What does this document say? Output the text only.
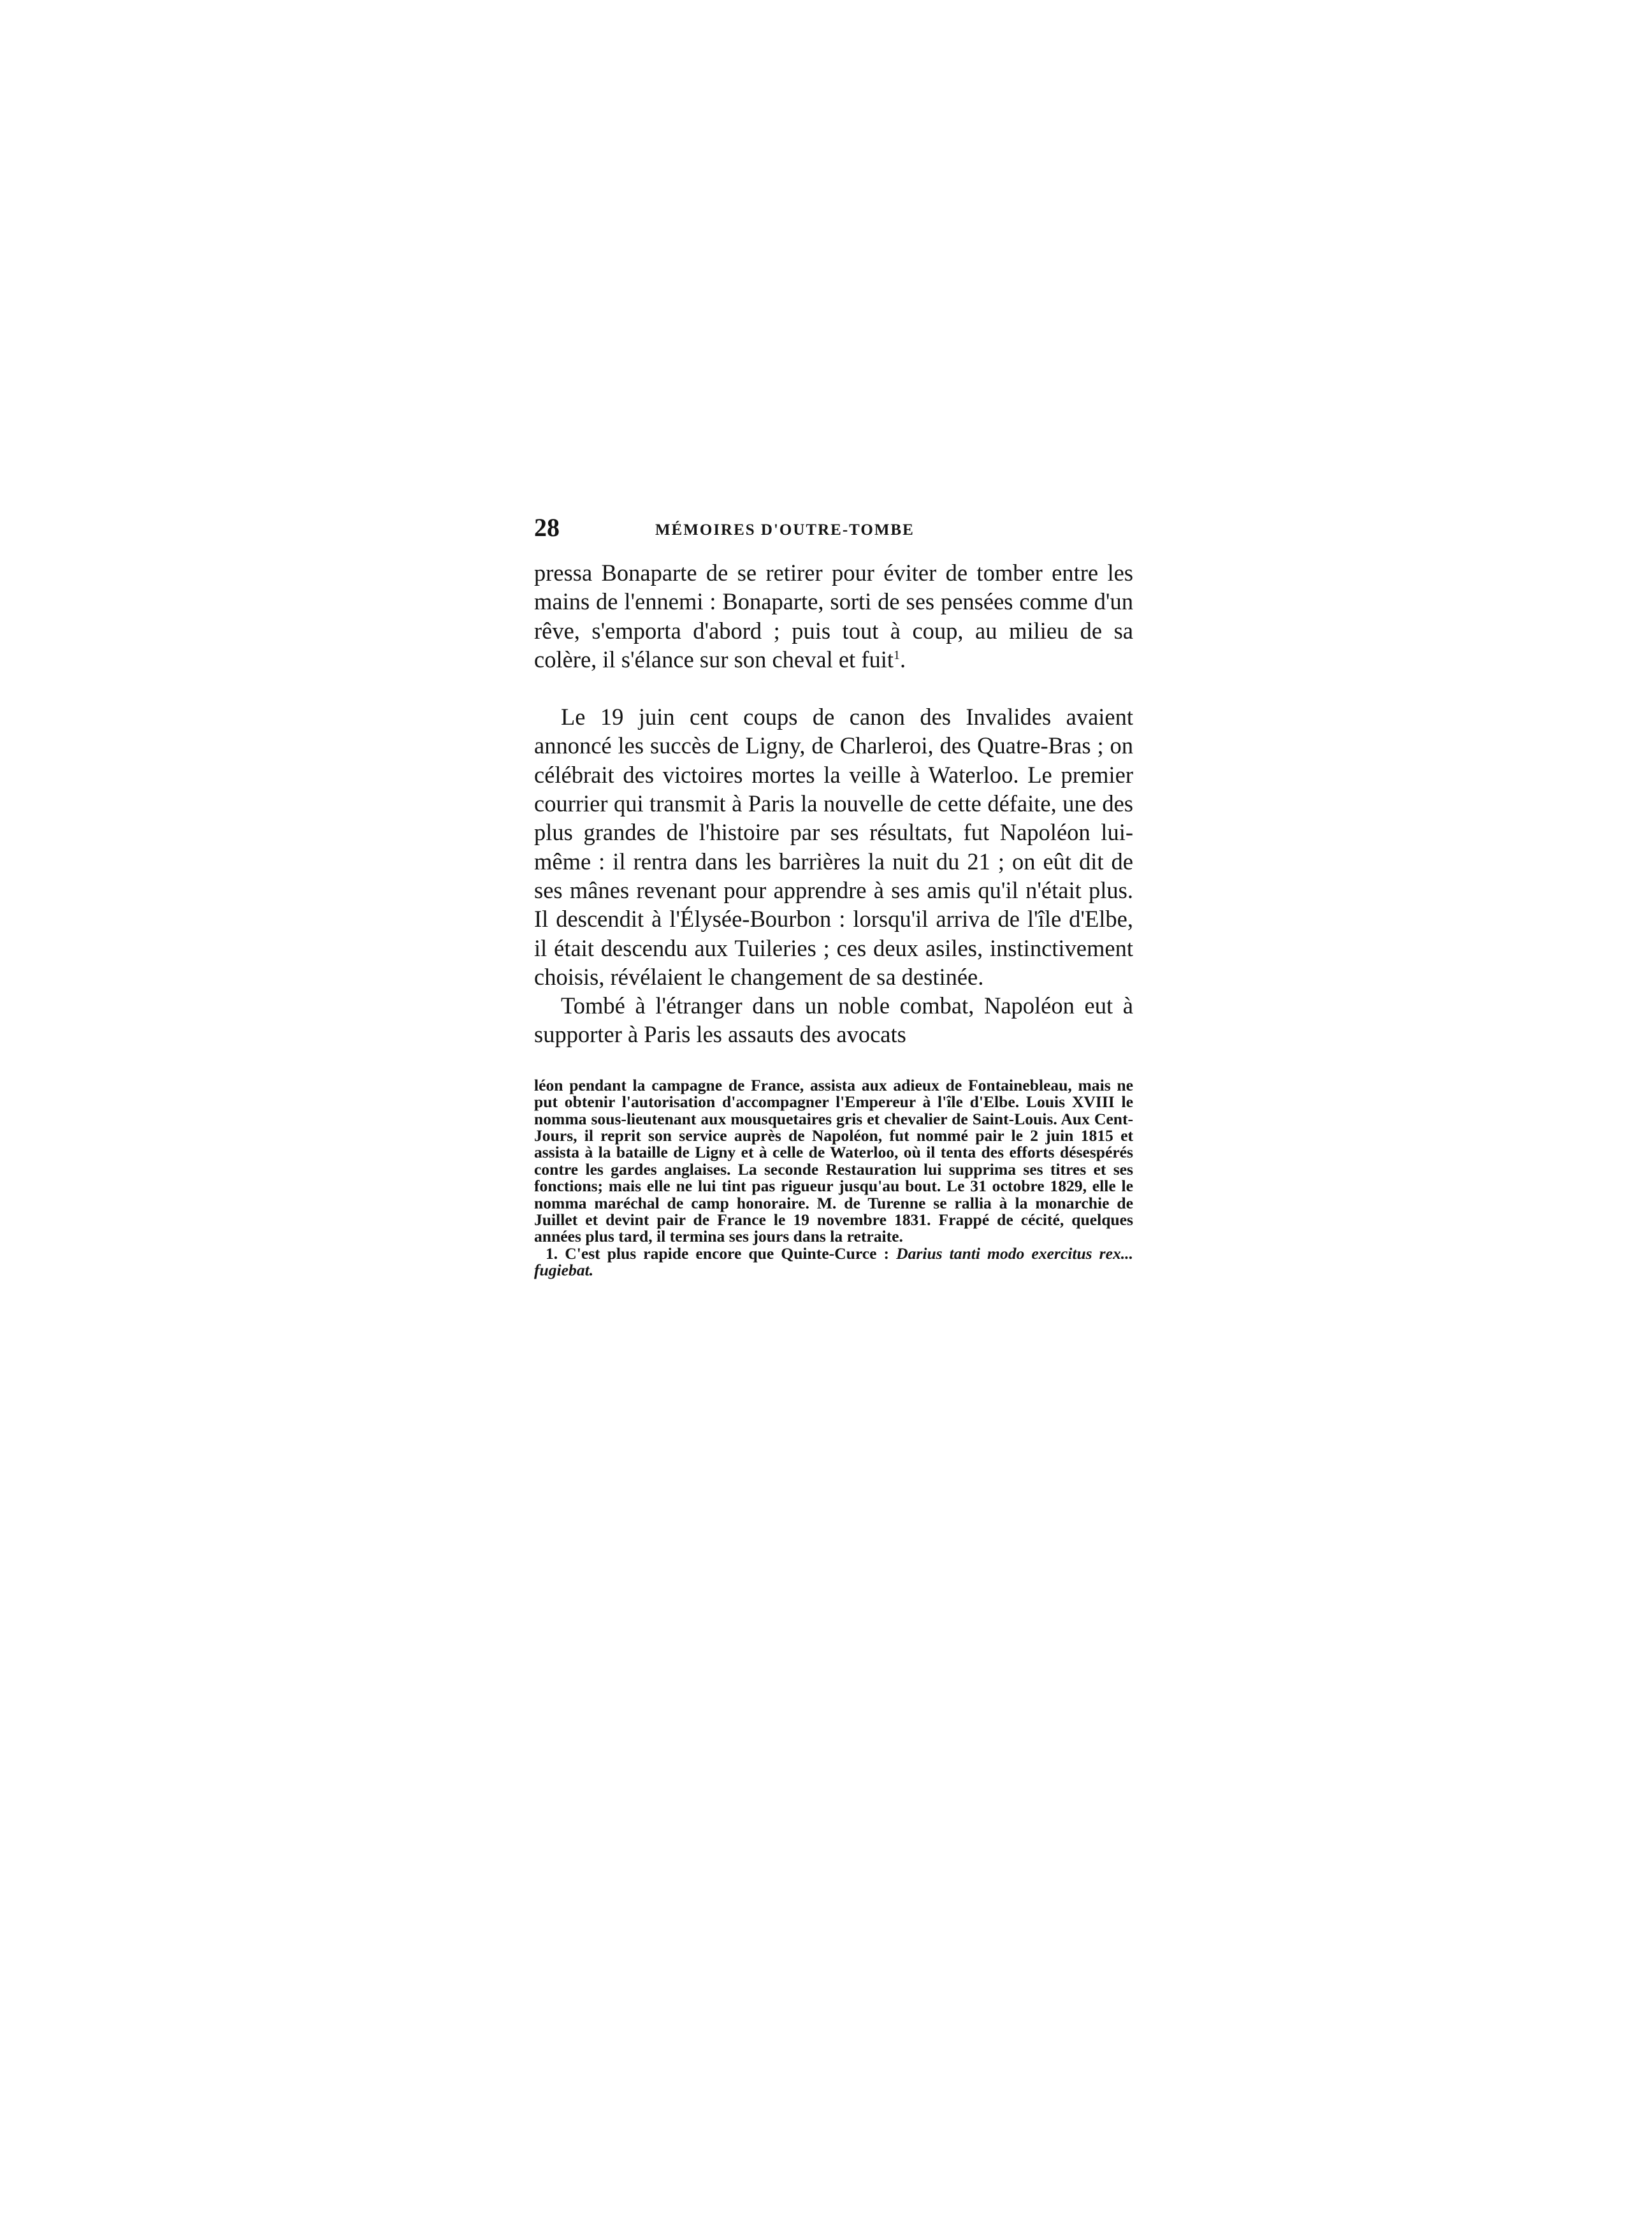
28	MÉMOIRES D'OUTRE-TOMBE

pressa Bonaparte de se retirer pour éviter de tomber entre les mains de l'ennemi : Bonaparte, sorti de ses pensées comme d'un rêve, s'emporta d'abord ; puis tout à coup, au milieu de sa colère, il s'élance sur son cheval et fuit$^1$.

Le 19 juin cent coups de canon des Invalides avaient annoncé les succès de Ligny, de Charleroi, des Quatre-Bras ; on célébrait des victoires mortes la veille à Waterloo. Le premier courrier qui transmit à Paris la nouvelle de cette défaite, une des plus grandes de l'histoire par ses résultats, fut Napoléon lui-même : il rentra dans les barrières la nuit du 21 ; on eût dit de ses mânes revenant pour apprendre à ses amis qu'il n'était plus. Il descendit à l'Élysée-Bourbon : lorsqu'il arriva de l'île d'Elbe, il était descendu aux Tuileries ; ces deux asiles, instinctivement choisis, révélaient le changement de sa destinée.

Tombé à l'étranger dans un noble combat, Napoléon eut à supporter à Paris les assauts des avocats

léon pendant la campagne de France, assista aux adieux de Fontainebleau, mais ne put obtenir l'autorisation d'accompagner l'Empereur à l'île d'Elbe. Louis XVIII le nomma sous-lieutenant aux mousquetaires gris et chevalier de Saint-Louis. Aux Cent-Jours, il reprit son service auprès de Napoléon, fut nommé pair le 2 juin 1815 et assista à la bataille de Ligny et à celle de Waterloo, où il tenta des efforts désespérés contre les gardes anglaises. La seconde Restauration lui supprima ses titres et ses fonctions; mais elle ne lui tint pas rigueur jusqu'au bout. Le 31 octobre 1829, elle le nomma maréchal de camp honoraire. M. de Turenne se rallia à la monarchie de Juillet et devint pair de France le 19 novembre 1831. Frappé de cécité, quelques années plus tard, il termina ses jours dans la retraite.

1. C'est plus rapide encore que Quinte-Curce : Darius tanti modo exercitus rex... fugiebat.
